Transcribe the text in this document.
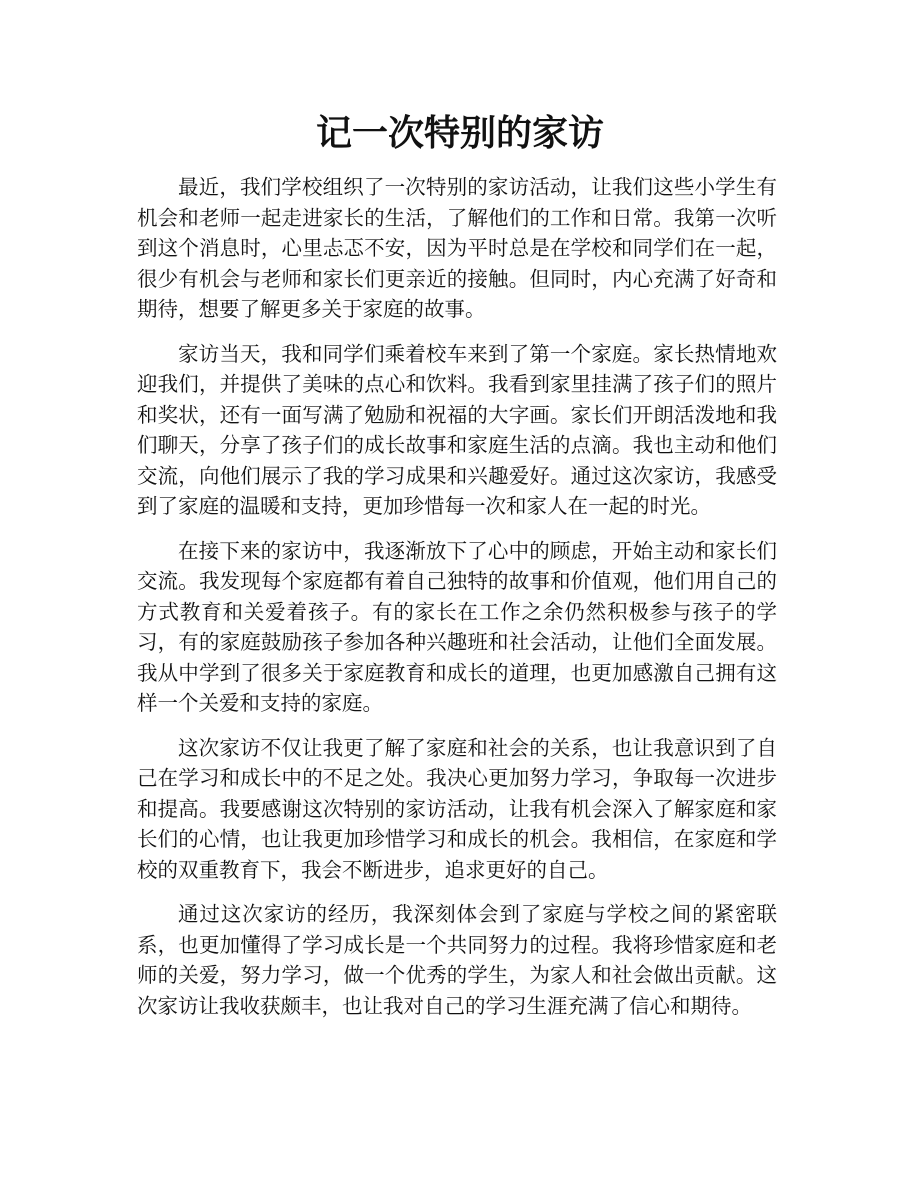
记一次特别的家访

最近，我们学校组织了一次特别的家访活动，让我们这些小学生有机会和老师一起走进家长的生活，了解他们的工作和日常。我第一次听到这个消息时，心里忐忑不安，因为平时总是在学校和同学们在一起，很少有机会与老师和家长们更亲近的接触。但同时，内心充满了好奇和期待，想要了解更多关于家庭的故事。

家访当天，我和同学们乘着校车来到了第一个家庭。家长热情地欢迎我们，并提供了美味的点心和饮料。我看到家里挂满了孩子们的照片和奖状，还有一面写满了勉励和祝福的大字画。家长们开朗活泼地和我们聊天，分享了孩子们的成长故事和家庭生活的点滴。我也主动和他们交流，向他们展示了我的学习成果和兴趣爱好。通过这次家访，我感受到了家庭的温暖和支持，更加珍惜每一次和家人在一起的时光。

在接下来的家访中，我逐渐放下了心中的顾虑，开始主动和家长们交流。我发现每个家庭都有着自己独特的故事和价值观，他们用自己的方式教育和关爱着孩子。有的家长在工作之余仍然积极参与孩子的学习，有的家庭鼓励孩子参加各种兴趣班和社会活动，让他们全面发展。我从中学到了很多关于家庭教育和成长的道理，也更加感激自己拥有这样一个关爱和支持的家庭。

这次家访不仅让我更了解了家庭和社会的关系，也让我意识到了自己在学习和成长中的不足之处。我决心更加努力学习，争取每一次进步和提高。我要感谢这次特别的家访活动，让我有机会深入了解家庭和家长们的心情，也让我更加珍惜学习和成长的机会。我相信，在家庭和学校的双重教育下，我会不断进步，追求更好的自己。

通过这次家访的经历，我深刻体会到了家庭与学校之间的紧密联系，也更加懂得了学习成长是一个共同努力的过程。我将珍惜家庭和老师的关爱，努力学习，做一个优秀的学生，为家人和社会做出贡献。这次家访让我收获颇丰，也让我对自己的学习生涯充满了信心和期待。
